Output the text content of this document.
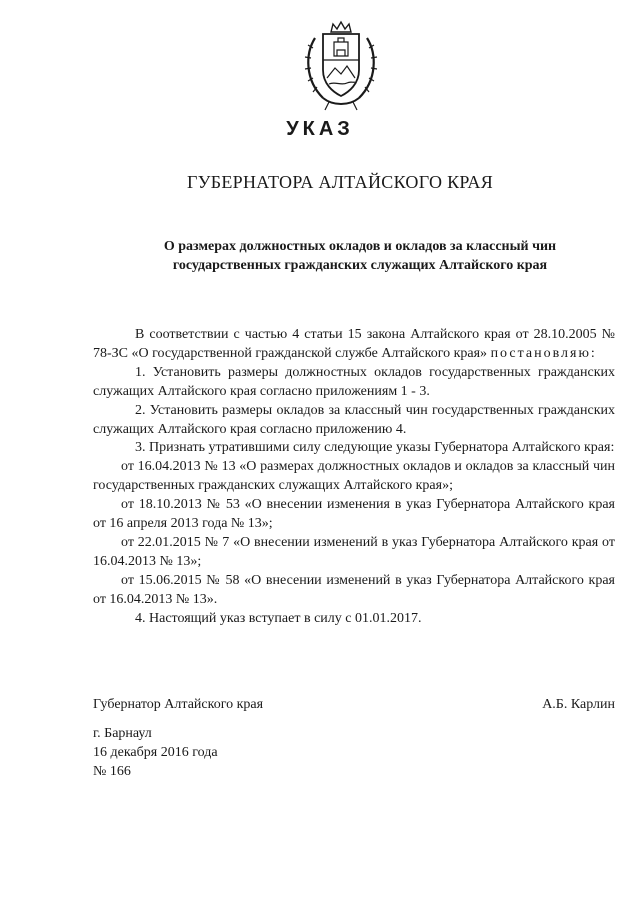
УКАЗ
ГУБЕРНАТОРА АЛТАЙСКОГО КРАЯ
О размерах должностных окладов и окладов за классный чин
государственных гражданских служащих Алтайского края
В соответствии с частью 4 статьи 15 закона Алтайского края от 28.10.2005 № 78-ЗС «О государственной гражданской службе Алтайского края» постановляю:
1. Установить размеры должностных окладов государственных гражданских служащих Алтайского края согласно приложениям 1 - 3.
2. Установить размеры окладов за классный чин государственных гражданских служащих Алтайского края согласно приложению 4.
3. Признать утратившими силу следующие указы Губернатора Алтайского края:
от 16.04.2013 № 13 «О размерах должностных окладов и окладов за классный чин государственных гражданских служащих Алтайского края»;
от 18.10.2013 № 53 «О внесении изменения в указ Губернатора Алтайского края от 16 апреля 2013 года № 13»;
от 22.01.2015 № 7 «О внесении изменений в указ Губернатора Алтайского края от 16.04.2013 № 13»;
от 15.06.2015 № 58 «О внесении изменений в указ Губернатора Алтайского края от 16.04.2013 № 13».
4. Настоящий указ вступает в силу с 01.01.2017.
Губернатор Алтайского края	А.Б. Карлин
г. Барнаул
16 декабря 2016 года
№ 166
